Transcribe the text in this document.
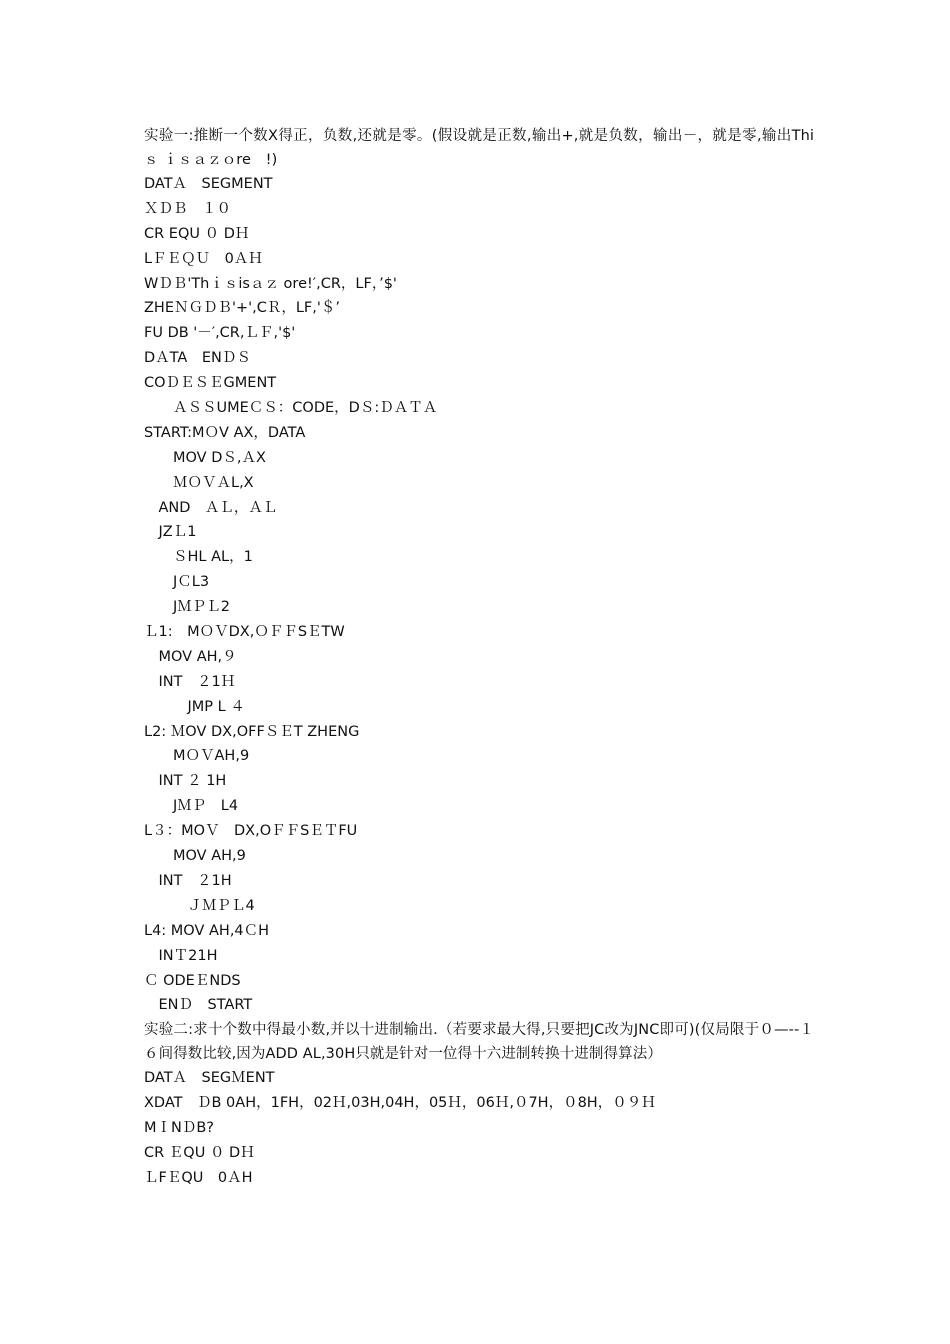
实验一:推断一个数X得正，负数,还就是零。(假设就是正数,输出+,就是负数，输出－，就是零,输出Thi ｓ ｉｓａｚｏre　!)
DATＡ　SEGMENT
ＸＤＢ　１０
CR EQU ０ DＨ
LＦＥＱＵ　0ＡＨ
WＤＢ'Thｉｓisａｚ ore!′,CR，LF，’$'
ZHEＮＧＤＢ'+',CＲ，LF,'＄’
FU DB '－′,CR,ＬＦ,'$'
DＡTA　ENＤＳ
COＤＥＳＥGMENT
　　ＡＳＳUMEＣＳ：CODE，DＳ:ＤＡＴＡ
START:MＯV AX，DATA
　　MOV DＳ,ＡX
　　ＭＯＶＡL,X
　AND　ＡＬ，ＡＬ
　JZＬ1
　　ＳHL AL，1
　　JＣL3
　　JＭＰＬ2
Ｌ1:　MＯＶDX,ＯＦＦSＥTW
　MOV AH,９
　INT　２1Ｈ
　　　JMP L ４
L2: ＭOV DX,OFFＳＥT ZHENG
　　MＯＶAH,9
　INT ２ 1H
　　JＭＰ　L4
L３：MOＶ　DX,OＦＦSＥＴFU
　　MOV AH,9
　INT　２1H
　　　ＪＭＰＬ4
L4: MOV AH,4ＣH
　INＴ21H
Ｃ ODEＥNDS
　ENＤ　START
实验二:求十个数中得最小数,并以十进制输出.（若要求最大得,只要把JC改为JNC即可)(仅局限于０—--１６间得数比较,因为ADD AL,30H只就是针对一位得十六进制转换十进制得算法）
DATＡ　SEGＭENT
XDAT　ＤB 0AH，1FH，02Ｈ,03H,04H，05Ｈ，06Ｈ,０7H，０8H，０９Ｈ
MＩNＤB?
CR ＥQU ０ DＨ
ＬFＥQU　0ＡH
